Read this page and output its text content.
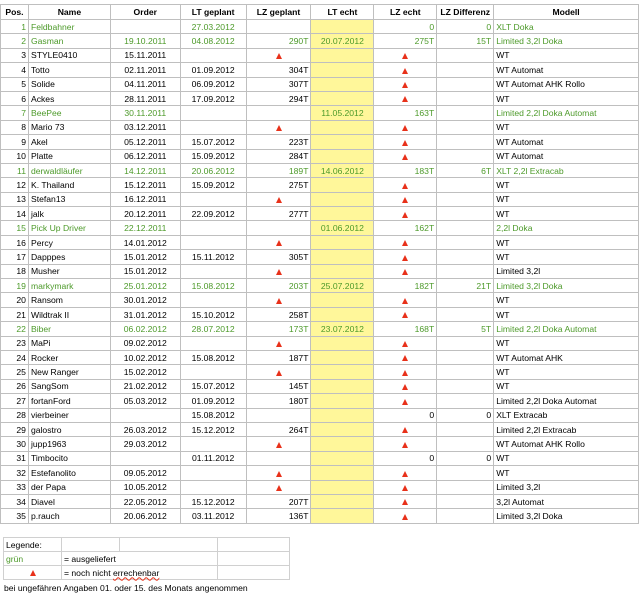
Pos.	Name	Order	LT geplant	LZ geplant	LT echt	LZ echt	LZ Differenz	Modell
1	Feldbahner		27.03.2012			0	0	XLT Doka
2	Gasman	19.10.2011	04.08.2012	290T	20.07.2012	275T	15T	Limited 3,2l Doka
3	STYLE0410	15.11.2011						WT
4	Totto	02.11.2011	01.09.2012	304T				WT Automat
5	Solide	04.11.2011	06.09.2012	307T				WT Automat AHK Rollo
6	Ackes	28.11.2011	17.09.2012	294T				WT
7	BeePee	30.11.2011			11.05.2012	163T		Limited 2,2l Doka Automat
8	Mario 73	03.12.2011						WT
9	Akel	05.12.2011	15.07.2012	223T				WT Automat
10	Platte	06.12.2011	15.09.2012	284T				WT Automat
11	derwaldläufer	14.12.2011	20.06.2012	189T	14.06.2012	183T	6T	XLT 2,2l Extracab
12	K. Thailand	15.12.2011	15.09.2012	275T				WT
13	Stefan13	16.12.2011						WT
14	jalk	20.12.2011	22.09.2012	277T				WT
15	Pick Up Driver	22.12.2011			01.06.2012	162T		2,2l Doka
16	Percy	14.01.2012						WT
17	Dapppes	15.01.2012	15.11.2012	305T				WT
18	Musher	15.01.2012						Limited 3,2l
19	markymark	25.01.2012	15.08.2012	203T	25.07.2012	182T	21T	Limited 3,2l Doka
20	Ransom	30.01.2012						WT
21	Wildtrak II	31.01.2012	15.10.2012	258T				WT
22	Biber	06.02.2012	28.07.2012	173T	23.07.2012	168T	5T	Limited 2,2l Doka Automat
23	MaPi	09.02.2012						WT
24	Rocker	10.02.2012	15.08.2012	187T				WT Automat AHK
25	New Ranger	15.02.2012						WT
26	SangSom	21.02.2012	15.07.2012	145T				WT
27	fortanFord	05.03.2012	01.09.2012	180T				Limited 2,2l Doka Automat
28	vierbeiner		15.08.2012			0	0	XLT Extracab
29	galostro	26.03.2012	15.12.2012	264T				Limited 2,2l Extracab
30	jupp1963	29.03.2012						WT Automat AHK Rollo
31	Timbocito		01.11.2012			0	0	WT
32	Estefanolito	09.05.2012						WT
33	der Papa	10.05.2012						Limited 3,2l
34	Diavel	22.05.2012	15.12.2012	207T				3,2l Automat
35	p.rauch	20.06.2012	03.11.2012	136T				Limited 3,2l Doka
Legende:			
grün	= ausgeliefert		
	= noch nicht errechenbar		
bei ungefähren Angaben 01. oder 15. des Monats angenommen
